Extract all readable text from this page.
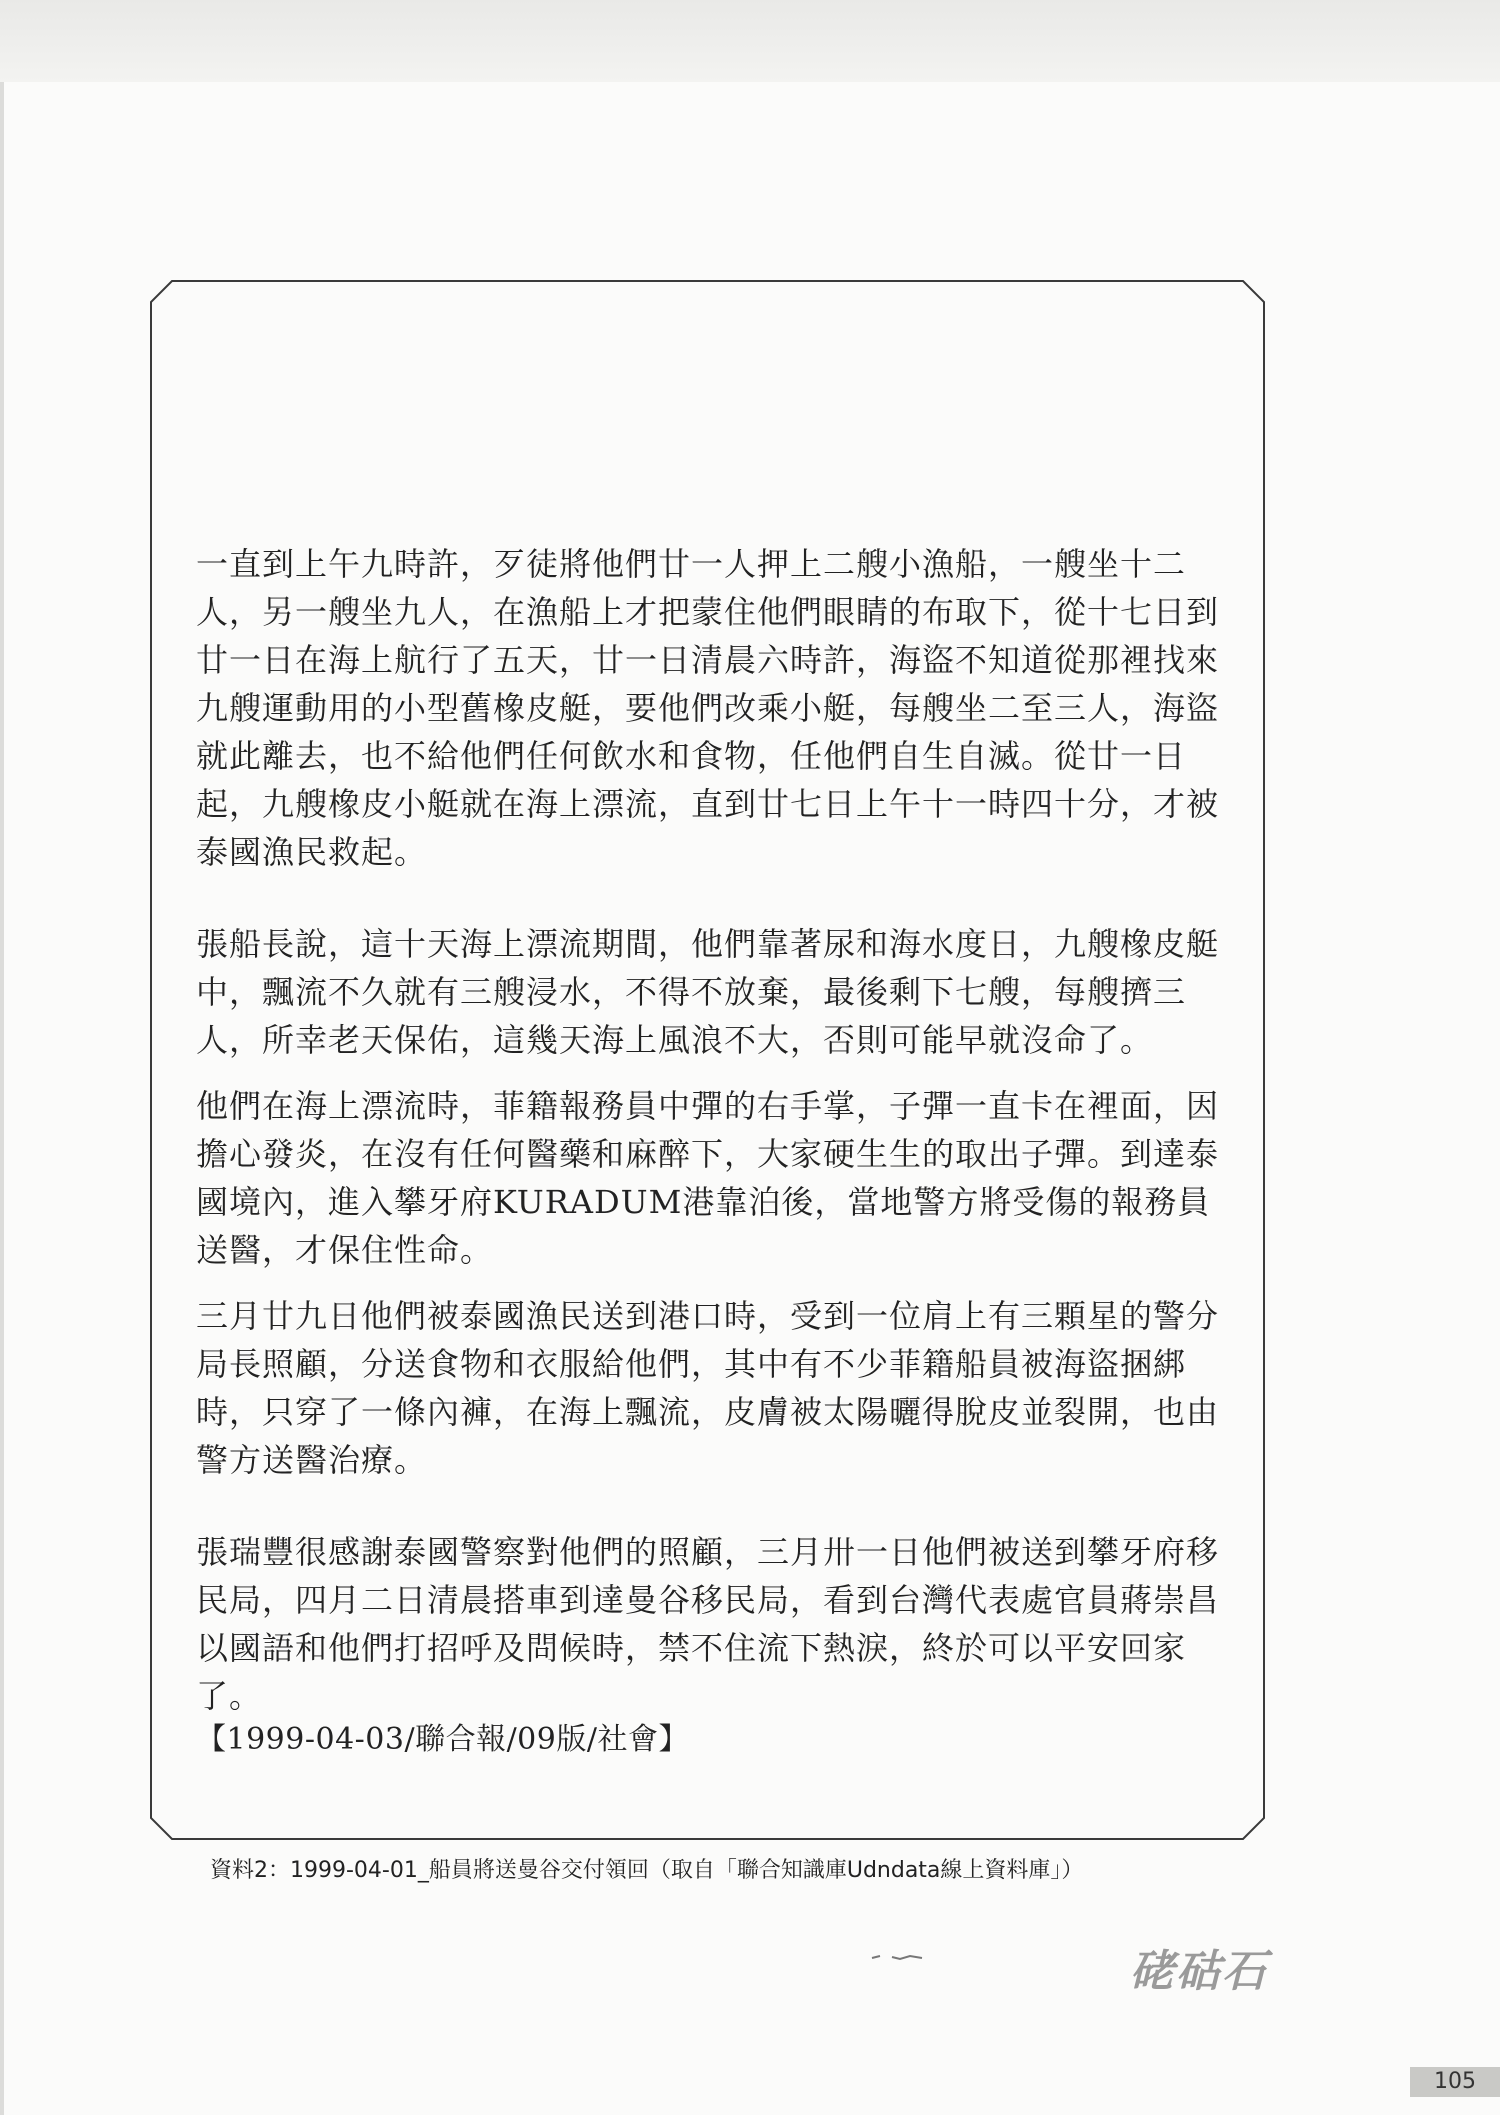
一直到上午九時許，歹徒將他們廿一人押上二艘小漁船，一艘坐十二人，另一艘坐九人，在漁船上才把蒙住他們眼睛的布取下，從十七日到廿一日在海上航行了五天，廿一日清晨六時許，海盜不知道從那裡找來九艘運動用的小型舊橡皮艇，要他們改乘小艇，每艘坐二至三人，海盜就此離去，也不給他們任何飲水和食物，任他們自生自滅。從廿一日起，九艘橡皮小艇就在海上漂流，直到廿七日上午十一時四十分，才被泰國漁民救起。

張船長說，這十天海上漂流期間，他們靠著尿和海水度日，九艘橡皮艇中，飄流不久就有三艘浸水，不得不放棄，最後剩下七艘，每艘擠三人，所幸老天保佑，這幾天海上風浪不大，否則可能早就沒命了。

他們在海上漂流時，菲籍報務員中彈的右手掌，子彈一直卡在裡面，因擔心發炎，在沒有任何醫藥和麻醉下，大家硬生生的取出子彈。到達泰國境內，進入攀牙府KURADUM港靠泊後，當地警方將受傷的報務員送醫，才保住性命。

三月廿九日他們被泰國漁民送到港口時，受到一位肩上有三顆星的警分局長照顧，分送食物和衣服給他們，其中有不少菲籍船員被海盜捆綁時，只穿了一條內褲，在海上飄流，皮膚被太陽曬得脫皮並裂開，也由警方送醫治療。

張瑞豐很感謝泰國警察對他們的照顧，三月卅一日他們被送到攀牙府移民局，四月二日清晨搭車到達曼谷移民局，看到台灣代表處官員蔣崇昌以國語和他們打招呼及問候時，禁不住流下熱淚，終於可以平安回家了。

【1999-04-03/聯合報/09版/社會】
資料2：1999-04-01_船員將送曼谷交付領回（取自「聯合知識庫Udndata線上資料庫」）
硓𥑮石
105
